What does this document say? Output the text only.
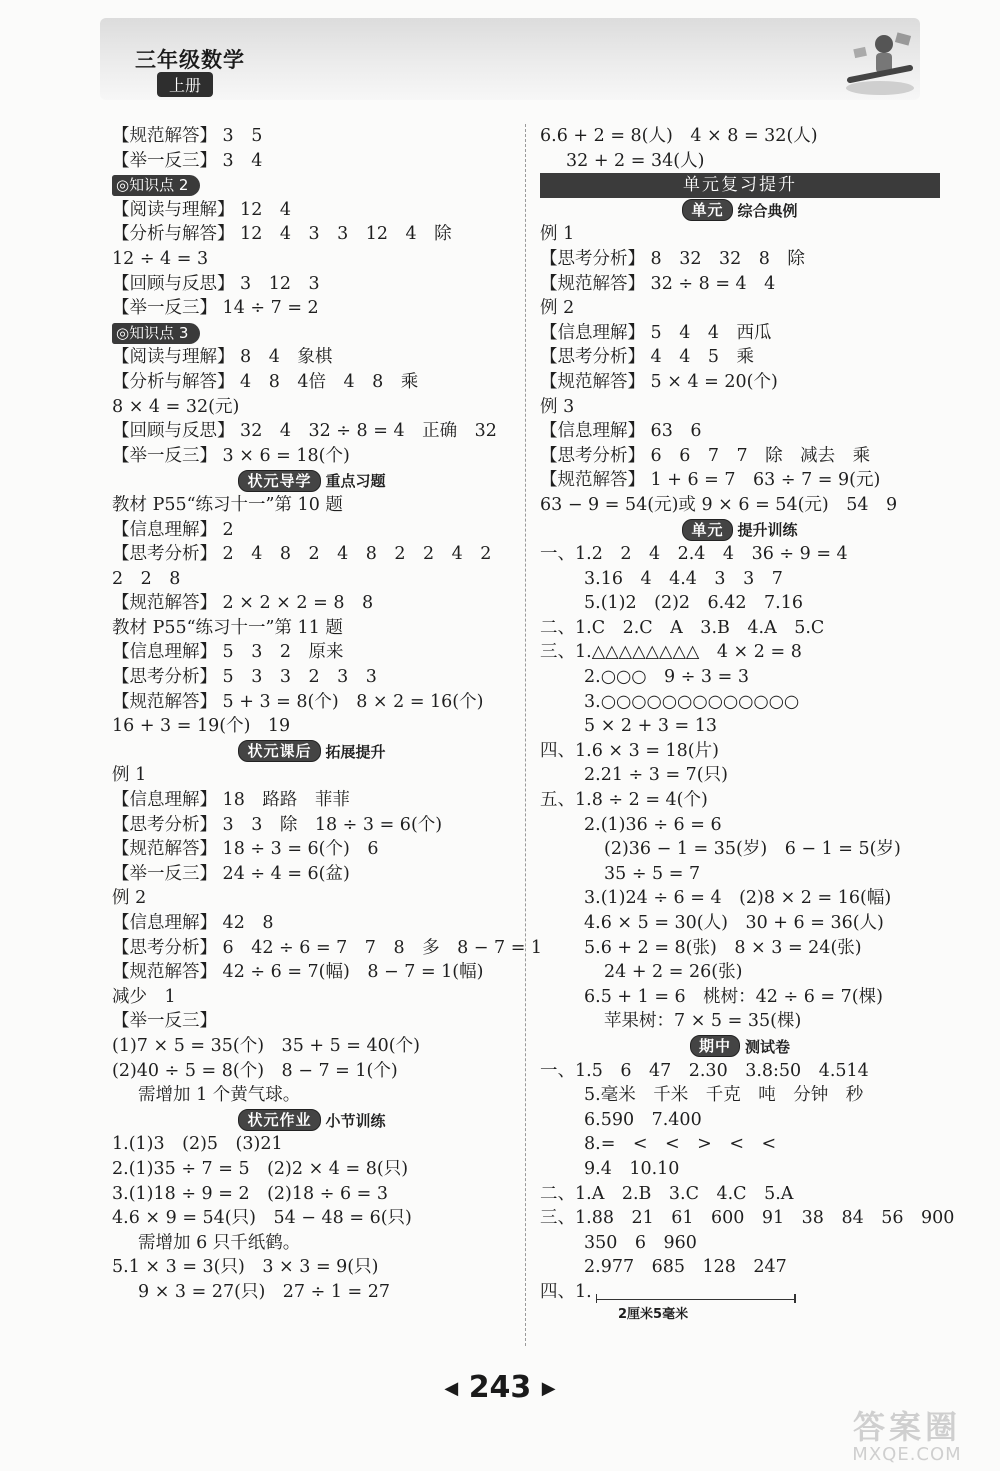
三年级数学
上册
【规范解答】 3　5
【举一反三】 3　4
◎知识点 2
【阅读与理解】 12　4
【分析与解答】 12　4　3　3　12　4　除
12 ÷ 4 = 3
【回顾与反思】 3　12　3
【举一反三】 14 ÷ 7 = 2
◎知识点 3
【阅读与理解】 8　4　象棋
【分析与解答】 4　8　4倍　4　8　乘
8 × 4 = 32(元)
【回顾与反思】 32　4　32 ÷ 8 = 4　正确　32
【举一反三】 3 × 6 = 18(个)
状元导学 重点习题
教材 P55“练习十一”第 10 题
【信息理解】 2
【思考分析】 2　4　8　2　4　8　2　2　4　2
2　2　8
【规范解答】 2 × 2 × 2 = 8　8
教材 P55“练习十一”第 11 题
【信息理解】 5　3　2　原来
【思考分析】 5　3　3　2　3　3
【规范解答】 5 + 3 = 8(个)　8 × 2 = 16(个)
16 + 3 = 19(个)　19
状元课后 拓展提升
例 1
【信息理解】 18　路路　菲菲
【思考分析】 3　3　除　18 ÷ 3 = 6(个)
【规范解答】 18 ÷ 3 = 6(个)　6
【举一反三】 24 ÷ 4 = 6(盆)
例 2
【信息理解】 42　8
【思考分析】 6　42 ÷ 6 = 7　7　8　多　8 − 7 = 1
【规范解答】 42 ÷ 6 = 7(幅)　8 − 7 = 1(幅)
减少　1
【举一反三】
(1)7 × 5 = 35(个)　35 + 5 = 40(个)
(2)40 ÷ 5 = 8(个)　8 − 7 = 1(个)
需增加 1 个黄气球。
状元作业 小节训练
1.(1)3　(2)5　(3)21
2.(1)35 ÷ 7 = 5　(2)2 × 4 = 8(只)
3.(1)18 ÷ 9 = 2　(2)18 ÷ 6 = 3
4.6 × 9 = 54(只)　54 − 48 = 6(只)
需增加 6 只千纸鹤。
5.1 × 3 = 3(只)　3 × 3 = 9(只)
9 × 3 = 27(只)　27 ÷ 1 = 27
6.6 + 2 = 8(人)　4 × 8 = 32(人)
32 + 2 = 34(人)
单元复习提升
单元 综合典例
例 1
【思考分析】 8　32　32　8　除
【规范解答】 32 ÷ 8 = 4　4
例 2
【信息理解】 5　4　4　西瓜
【思考分析】 4　4　5　乘
【规范解答】 5 × 4 = 20(个)
例 3
【信息理解】 63　6
【思考分析】 6　6　7　7　除　减去　乘
【规范解答】 1 + 6 = 7　63 ÷ 7 = 9(元)
63 − 9 = 54(元)或 9 × 6 = 54(元)　54　9
单元 提升训练
一、1.2　2　4　2.4　4　36 ÷ 9 = 4
3.16　4　4.4　3　3　7
5.(1)2　(2)2　6.42　7.16
二、1.C　2.C　A　3.B　4.A　5.C
三、1.△△△△△△△△　4 × 2 = 8
2.○○○　9 ÷ 3 = 3
3.○○○○○○○○○○○○○
5 × 2 + 3 = 13
四、1.6 × 3 = 18(片)
2.21 ÷ 3 = 7(只)
五、1.8 ÷ 2 = 4(个)
2.(1)36 ÷ 6 = 6
(2)36 − 1 = 35(岁)　6 − 1 = 5(岁)
35 ÷ 5 = 7
3.(1)24 ÷ 6 = 4　(2)8 × 2 = 16(幅)
4.6 × 5 = 30(人)　30 + 6 = 36(人)
5.6 + 2 = 8(张)　8 × 3 = 24(张)
24 + 2 = 26(张)
6.5 + 1 = 6　桃树：42 ÷ 6 = 7(棵)
苹果树：7 × 5 = 35(棵)
期中 测试卷
一、1.5　6　47　2.30　3.8:50　4.514
5.毫米　千米　千克　吨　分钟　秒
6.590　7.400
8.=　<　<　>　<　<
9.4　10.10
二、1.A　2.B　3.C　4.C　5.A
三、1.88　21　61　600　91　38　84　56　900
350　6　960
2.977　685　128　247
四、1.
2厘米5毫米
◀ 243 ▶
答案圈
MXQE.COM
